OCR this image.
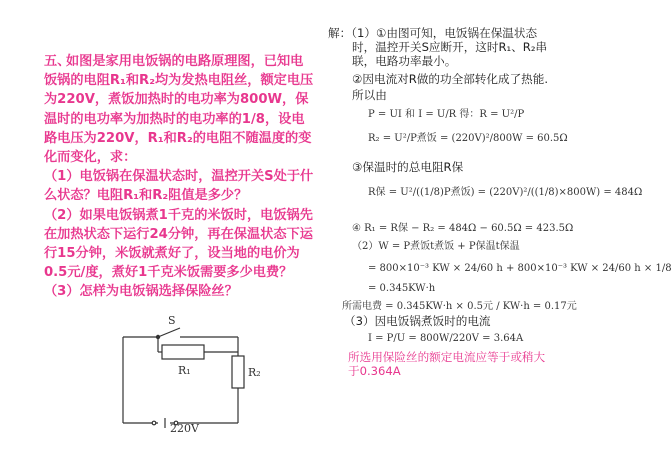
五、如图是家用电饭锅的电路原理图，已知电饭锅的电阻R₁和R₂均为发热电阻丝，额定电压为220V，煮饭加热时的电功率为800W，保温时的电功率为加热时的电功率的1/8，设电路电压为220V，R₁和R₂的电阻不随温度的变化而变化，求：

（1）电饭锅在保温状态时，温控开关S处于什么状态？电阻R₁和R₂阻值是多少？

（2）如果电饭锅煮1千克的米饭时，电饭锅先在加热状态下运行24分钟，再在保温状态下运行15分钟，米饭就煮好了，设当地的电价为0.5元/度，煮好1千克米饭需要多少电费？

（3）怎样为电饭锅选择保险丝？

S
R₁	R₂
220V
解：（1）①由图可知，电饭锅在保温状态
时，温控开关S应断开，这时R₁、R₂串
联，电路功率最小。
②因电流对R做的功全部转化成了热能.
所以由
P = UI 和 I = U/R 得：R = U²/P
R₂ = U²/P煮饭 = (220V)²/800W = 60.5Ω
③保温时的总电阻R保
R保 = U²/((1/8)P煮饭) = (220V)²/((1/8)×800W) = 484Ω
④ R₁ = R保 − R₂ = 484Ω − 60.5Ω = 423.5Ω
（2）W = P煮饭t煮饭 + P保温t保温
= 800×10⁻³ KW × 24/60 h + 800×10⁻³ KW × 24/60 h × 1/8
= 0.345KW·h
所需电费 = 0.345KW·h × 0.5元 / KW·h = 0.17元
（3）因电饭锅煮饭时的电流
I = P/U = 800W/220V = 3.64A
所选用保险丝的额定电流应等于或稍大
于0.364A
